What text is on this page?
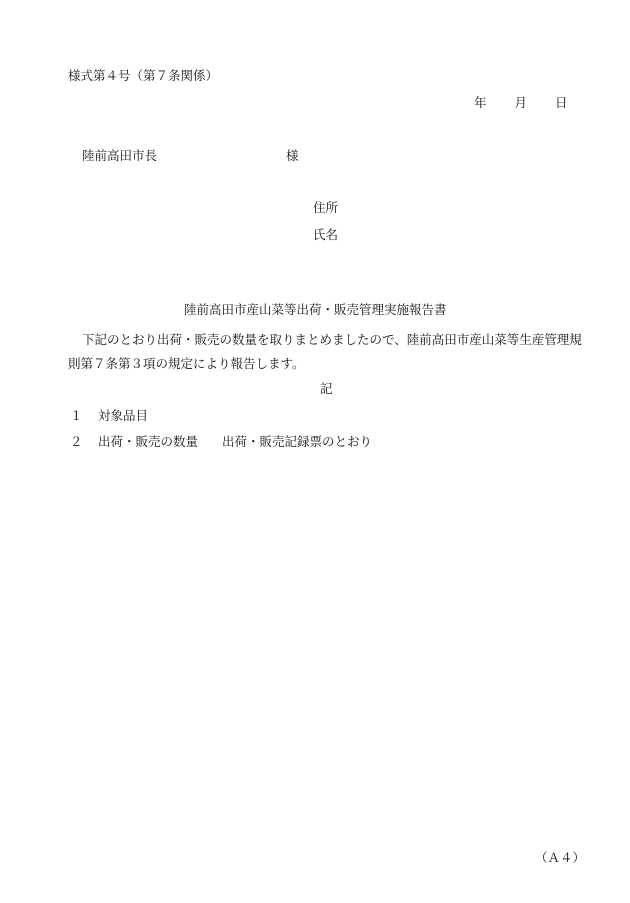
様式第４号（第７条関係）
年 月 日
陸前高田市長	様
住所
氏名
陸前高田市産山菜等出荷・販売管理実施報告書
下記のとおり出荷・販売の数量を取りまとめましたので、陸前高田市産山菜等生産管理規則第７条第３項の規定により報告します。
記
１ 対象品目
２ 出荷・販売の数量 出荷・販売記録票のとおり
（Ａ４）
